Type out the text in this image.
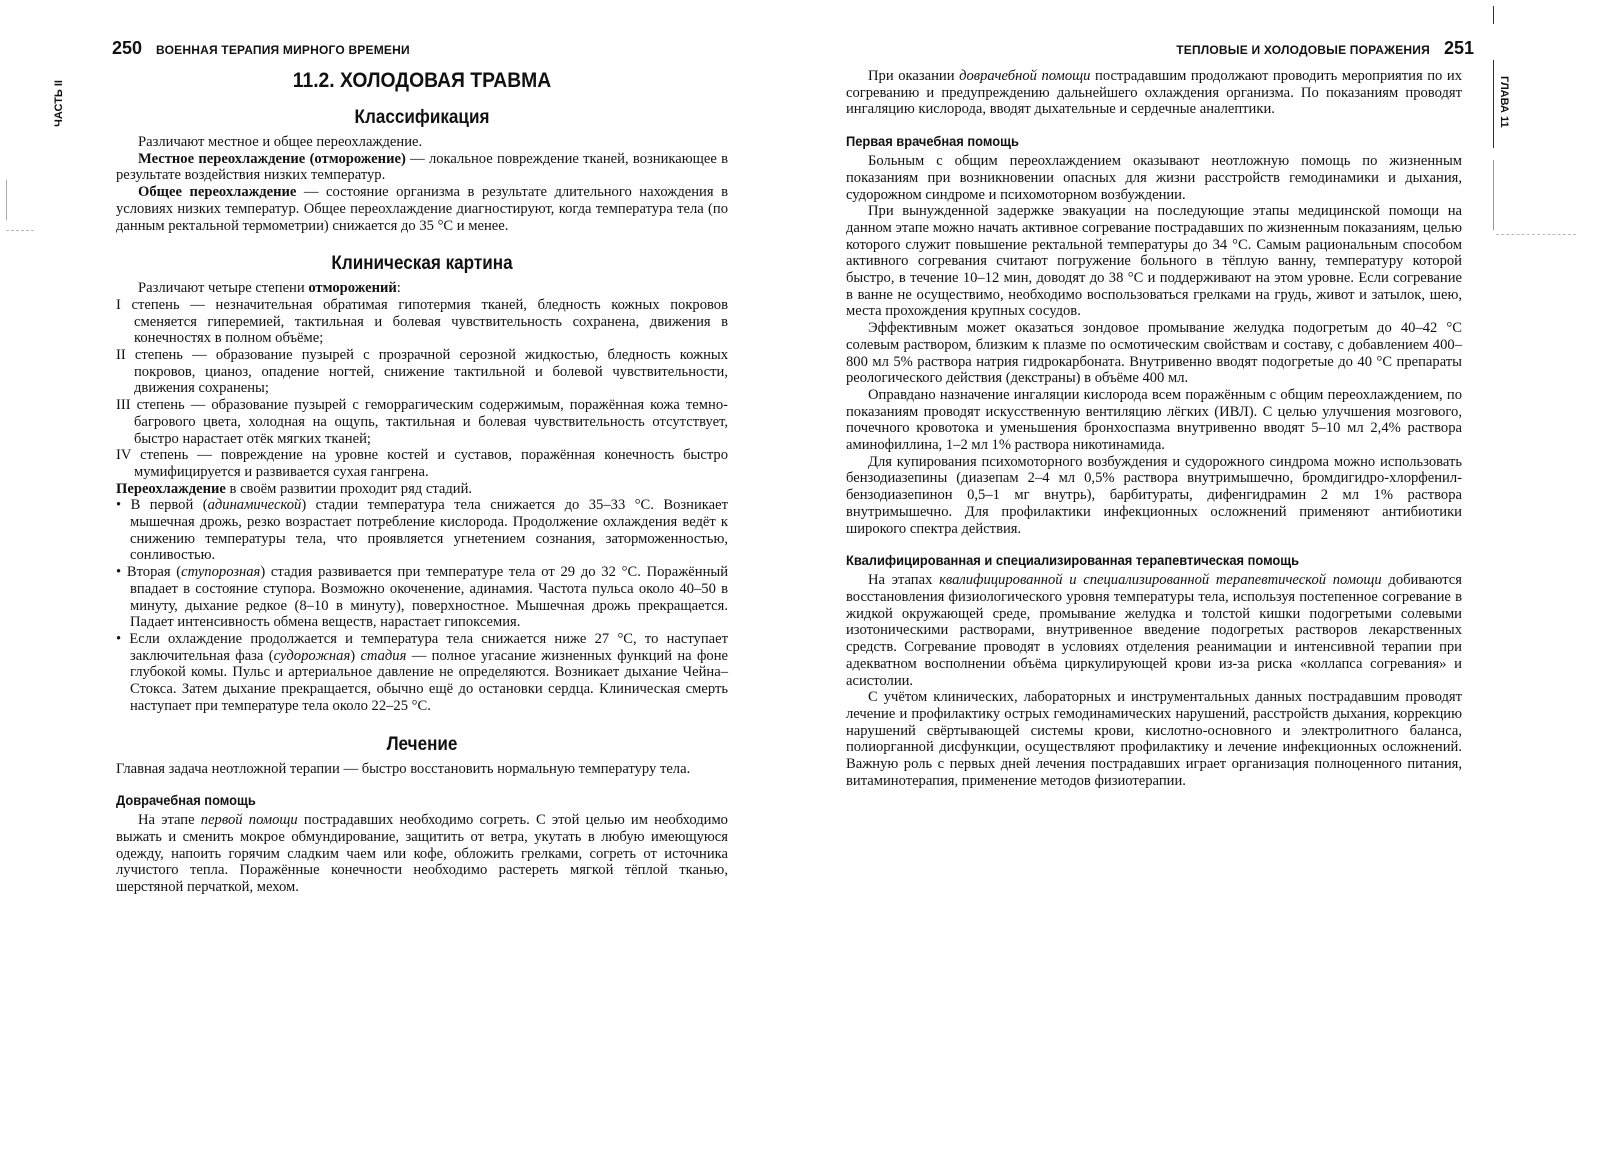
250 ВОЕННАЯ ТЕРАПИЯ МИРНОГО ВРЕМЕНИ
ЧАСТЬ II	11.2. ХОЛОДОВАЯ ТРАВМА
Классификация

Различают местное и общее переохлаждение.

Местное переохлаждение (отморожение) — локальное повреждение тканей, возникающее в результате воздействия низких температур.

Общее переохлаждение — состояние организма в результате длительного нахождения в условиях низких температур. Общее переохлаждение диагностируют, когда температура тела (по данным ректальной термометрии) снижается до 35 °С и менее.

Клиническая картина

Различают четыре степени отморожений:

I степень — незначительная обратимая гипотермия тканей, бледность кожных покровов сменяется гиперемией, тактильная и болевая чувствительность сохранена, движения в конечностях в полном объёме;

II степень — образование пузырей с прозрачной серозной жидкостью, бледность кожных покровов, цианоз, опадение ногтей, снижение тактильной и болевой чувствительности, движения сохранены;

III степень — образование пузырей с геморрагическим содержимым, поражённая кожа темно-багрового цвета, холодная на ощупь, тактильная и болевая чувствительность отсутствует, быстро нарастает отёк мягких тканей;

IV степень — повреждение на уровне костей и суставов, поражённая конечность быстро мумифицируется и развивается сухая гангрена.

Переохлаждение в своём развитии проходит ряд стадий.

• В первой (адинамической) стадии температура тела снижается до 35–33 °С. Возникает мышечная дрожь, резко возрастает потребление кислорода. Продолжение охлаждения ведёт к снижению температуры тела, что проявляется угнетением сознания, заторможенностью, сонливостью.

• Вторая (ступорозная) стадия развивается при температуре тела от 29 до 32 °С. Поражённый впадает в состояние ступора. Возможно окоченение, адинамия. Частота пульса около 40–50 в минуту, дыхание редкое (8–10 в минуту), поверхностное. Мышечная дрожь прекращается. Падает интенсивность обмена веществ, нарастает гипоксемия.

• Если охлаждение продолжается и температура тела снижается ниже 27 °С, то наступает заключительная фаза (судорожная) стадия — полное угасание жизненных функций на фоне глубокой комы. Пульс и артериальное давление не определяются. Возникает дыхание Чейна–Стокса. Затем дыхание прекращается, обычно ещё до остановки сердца. Клиническая смерть наступает при температуре тела около 22–25 °С.

Лечение

Главная задача неотложной терапии — быстро восстановить нормальную температуру тела.

Доврачебная помощь

На этапе первой помощи пострадавших необходимо согреть. С этой целью им необходимо выжать и сменить мокрое обмундирование, защитить от ветра, укутать в любую имеющуюся одежду, напоить горячим сладким чаем или кофе, обложить грелками, согреть от источника лучистого тепла. Поражённые конечности необходимо растереть мягкой тёплой тканью, шерстяной перчаткой, мехом.

ТЕПЛОВЫЕ И ХОЛОДОВЫЕ ПОРАЖЕНИЯ 251
ГЛАВА 11

При оказании доврачебной помощи пострадавшим продолжают проводить мероприятия по их согреванию и предупреждению дальнейшего охлаждения организма. По показаниям проводят ингаляцию кислорода, вводят дыхательные и сердечные аналептики.

Первая врачебная помощь

Больным с общим переохлаждением оказывают неотложную помощь по жизненным показаниям при возникновении опасных для жизни расстройств гемодинамики и дыхания, судорожном синдроме и психомоторном возбуждении.

При вынужденной задержке эвакуации на последующие этапы медицинской помощи на данном этапе можно начать активное согревание пострадавших по жизненным показаниям, целью которого служит повышение ректальной температуры до 34 °С. Самым рациональным способом активного согревания считают погружение больного в тёплую ванну, температуру которой быстро, в течение 10–12 мин, доводят до 38 °С и поддерживают на этом уровне. Если согревание в ванне не осуществимо, необходимо воспользоваться грелками на грудь, живот и затылок, шею, места прохождения крупных сосудов.

Эффективным может оказаться зондовое промывание желудка подогретым до 40–42 °С солевым раствором, близким к плазме по осмотическим свойствам и составу, с добавлением 400–800 мл 5% раствора натрия гидрокарбоната. Внутривенно вводят подогретые до 40 °С препараты реологического действия (декстраны) в объёме 400 мл.

Оправдано назначение ингаляции кислорода всем поражённым с общим переохлаждением, по показаниям проводят искусственную вентиляцию лёгких (ИВЛ). С целью улучшения мозгового, почечного кровотока и уменьшения бронхоспазма внутривенно вводят 5–10 мл 2,4% раствора аминофиллина, 1–2 мл 1% раствора никотинамида.

Для купирования психомоторного возбуждения и судорожного синдрома можно использовать бензодиазепины (диазепам 2–4 мл 0,5% раствора внутримышечно, бромдигидро-хлорфенил-бензодиазепинон 0,5–1 мг внутрь), барбитураты, дифенгидрамин 2 мл 1% раствора внутримышечно. Для профилактики инфекционных осложнений применяют антибиотики широкого спектра действия.

Квалифицированная и специализированная терапевтическая помощь

На этапах квалифицированной и специализированной терапевтической помощи добиваются восстановления физиологического уровня температуры тела, используя постепенное согревание в жидкой окружающей среде, промывание желудка и толстой кишки подогретыми солевыми изотоническими растворами, внутривенное введение подогретых растворов лекарственных средств. Согревание проводят в условиях отделения реанимации и интенсивной терапии при адекватном восполнении объёма циркулирующей крови из-за риска «коллапса согревания» и асистолии.

С учётом клинических, лабораторных и инструментальных данных пострадавшим проводят лечение и профилактику острых гемодинамических нарушений, расстройств дыхания, коррекцию нарушений свёртывающей системы крови, кислотно-основного и электролитного баланса, полиорганной дисфункции, осуществляют профилактику и лечение инфекционных осложнений. Важную роль с первых дней лечения пострадавших играет организация полноценного питания, витаминотерапия, применение методов физиотерапии.
